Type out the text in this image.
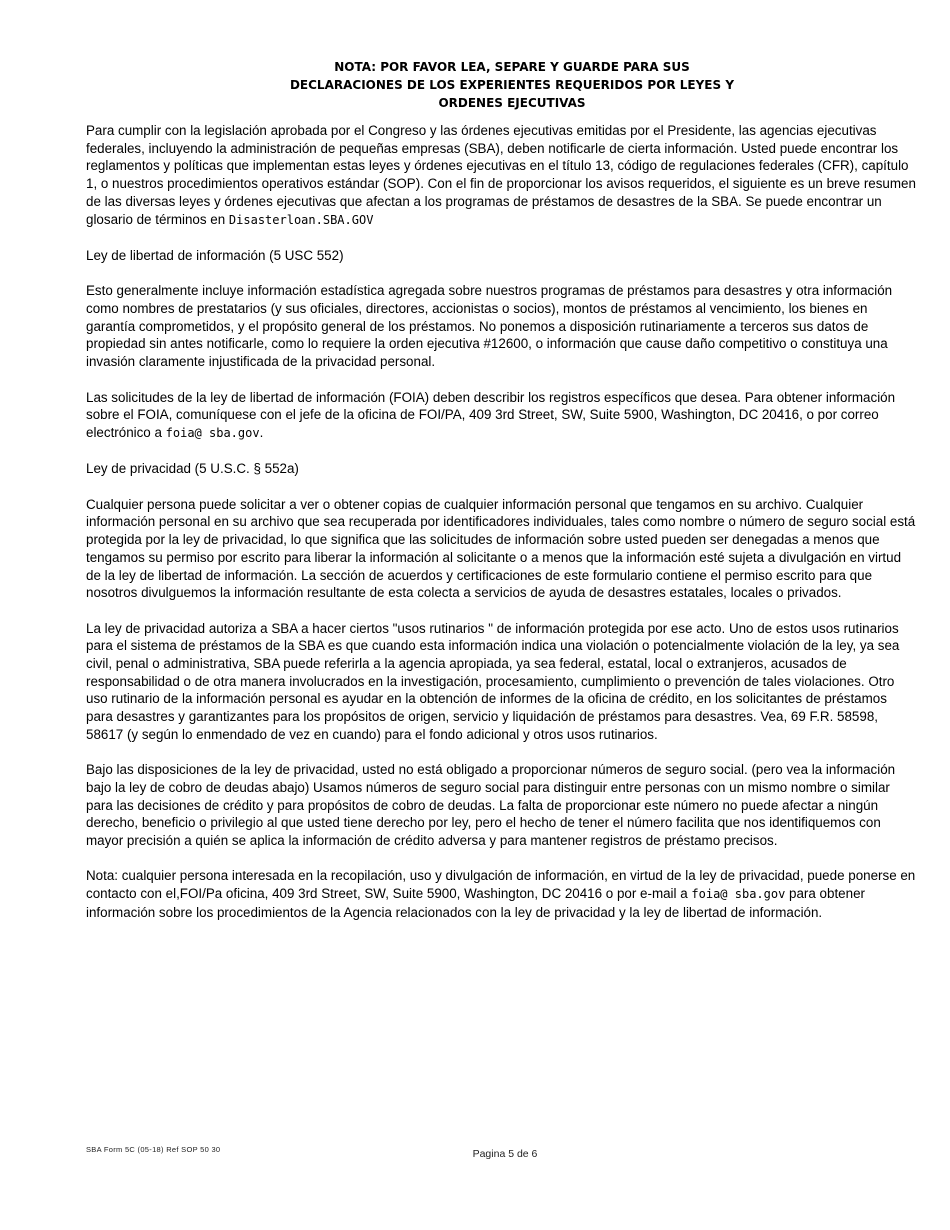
NOTA: POR FAVOR LEA, SEPARE Y GUARDE PARA SUS
DECLARACIONES DE LOS EXPERIENTES REQUERIDOS POR LEYES Y
ORDENES EJECUTIVAS

Para cumplir con la legislación aprobada por el Congreso y las órdenes ejecutivas emitidas por el Presidente, las agencias ejecutivas federales, incluyendo la administración de pequeñas empresas (SBA), deben notificarle de cierta información. Usted puede encontrar los reglamentos y políticas que implementan estas leyes y órdenes ejecutivas en el título 13, código de regulaciones federales (CFR), capítulo 1, o nuestros procedimientos operativos estándar (SOP). Con el fin de proporcionar los avisos requeridos, el siguiente es un breve resumen de las diversas leyes y órdenes ejecutivas que afectan a los programas de préstamos de desastres de la SBA. Se puede encontrar un glosario de términos en Disasterloan.SBA.GOV

Ley de libertad de información (5 USC 552)

Esto generalmente incluye información estadística agregada sobre nuestros programas de préstamos para desastres y otra información como nombres de prestatarios (y sus oficiales, directores, accionistas o socios), montos de préstamos al vencimiento, los bienes en garantía comprometidos, y el propósito general de los préstamos. No ponemos a disposición rutinariamente a terceros sus datos de propiedad sin antes notificarle, como lo requiere la orden ejecutiva #12600, o información que cause daño competitivo o constituya una invasión claramente injustificada de la privacidad personal.

Las solicitudes de la ley de libertad de información (FOIA) deben describir los registros específicos que desea. Para obtener información sobre el FOIA, comuníquese con el jefe de la oficina de FOI/PA, 409 3rd Street, SW, Suite 5900, Washington, DC 20416, o por correo electrónico a foia@ sba.gov.

Ley de privacidad (5 U.S.C. § 552a)

Cualquier persona puede solicitar a ver o obtener copias de cualquier información personal que tengamos en su archivo. Cualquier información personal en su archivo que sea recuperada por identificadores individuales, tales como nombre o número de seguro social está protegida por la ley de privacidad, lo que significa que las solicitudes de información sobre usted pueden ser denegadas a menos que tengamos su permiso por escrito para liberar la información al solicitante o a menos que la información esté sujeta a divulgación en virtud de la ley de libertad de información. La sección de acuerdos y certificaciones de este formulario contiene el permiso escrito para que nosotros divulguemos la información resultante de esta colecta a servicios de ayuda de desastres estatales, locales o privados.

La ley de privacidad autoriza a SBA a hacer ciertos "usos rutinarios " de información protegida por ese acto. Uno de estos usos rutinarios para el sistema de préstamos de la SBA es que cuando esta información indica una violación o potencialmente violación de la ley, ya sea civil, penal o administrativa, SBA puede referirla a la agencia apropiada, ya sea federal, estatal, local o extranjeros, acusados de responsabilidad o de otra manera involucrados en la investigación, procesamiento, cumplimiento o prevención de tales violaciones. Otro uso rutinario de la información personal es ayudar en la obtención de informes de la oficina de crédito, en los solicitantes de préstamos para desastres y garantizantes para los propósitos de origen, servicio y liquidación de préstamos para desastres. Vea, 69 F.R. 58598, 58617 (y según lo enmendado de vez en cuando) para el fondo adicional y otros usos rutinarios.

Bajo las disposiciones de la ley de privacidad, usted no está obligado a proporcionar números de seguro social. (pero vea la información bajo la ley de cobro de deudas abajo) Usamos números de seguro social para distinguir entre personas con un mismo nombre o similar para las decisiones de crédito y para propósitos de cobro de deudas. La falta de proporcionar este número no puede afectar a ningún derecho, beneficio o privilegio al que usted tiene derecho por ley, pero el hecho de tener el número facilita que nos identifiquemos con mayor precisión a quién se aplica la información de crédito adversa y para mantener registros de préstamo precisos.

Nota: cualquier persona interesada en la recopilación, uso y divulgación de información, en virtud de la ley de privacidad, puede ponerse en contacto con el,FOI/Pa oficina, 409 3rd Street, SW, Suite 5900, Washington, DC 20416 o por e-mail a foia@ sba.gov para obtener información sobre los procedimientos de la Agencia relacionados con la ley de privacidad y la ley de libertad de información.

SBA Form 5C (05-18) Ref SOP 50 30	Pagina 5 de 6
